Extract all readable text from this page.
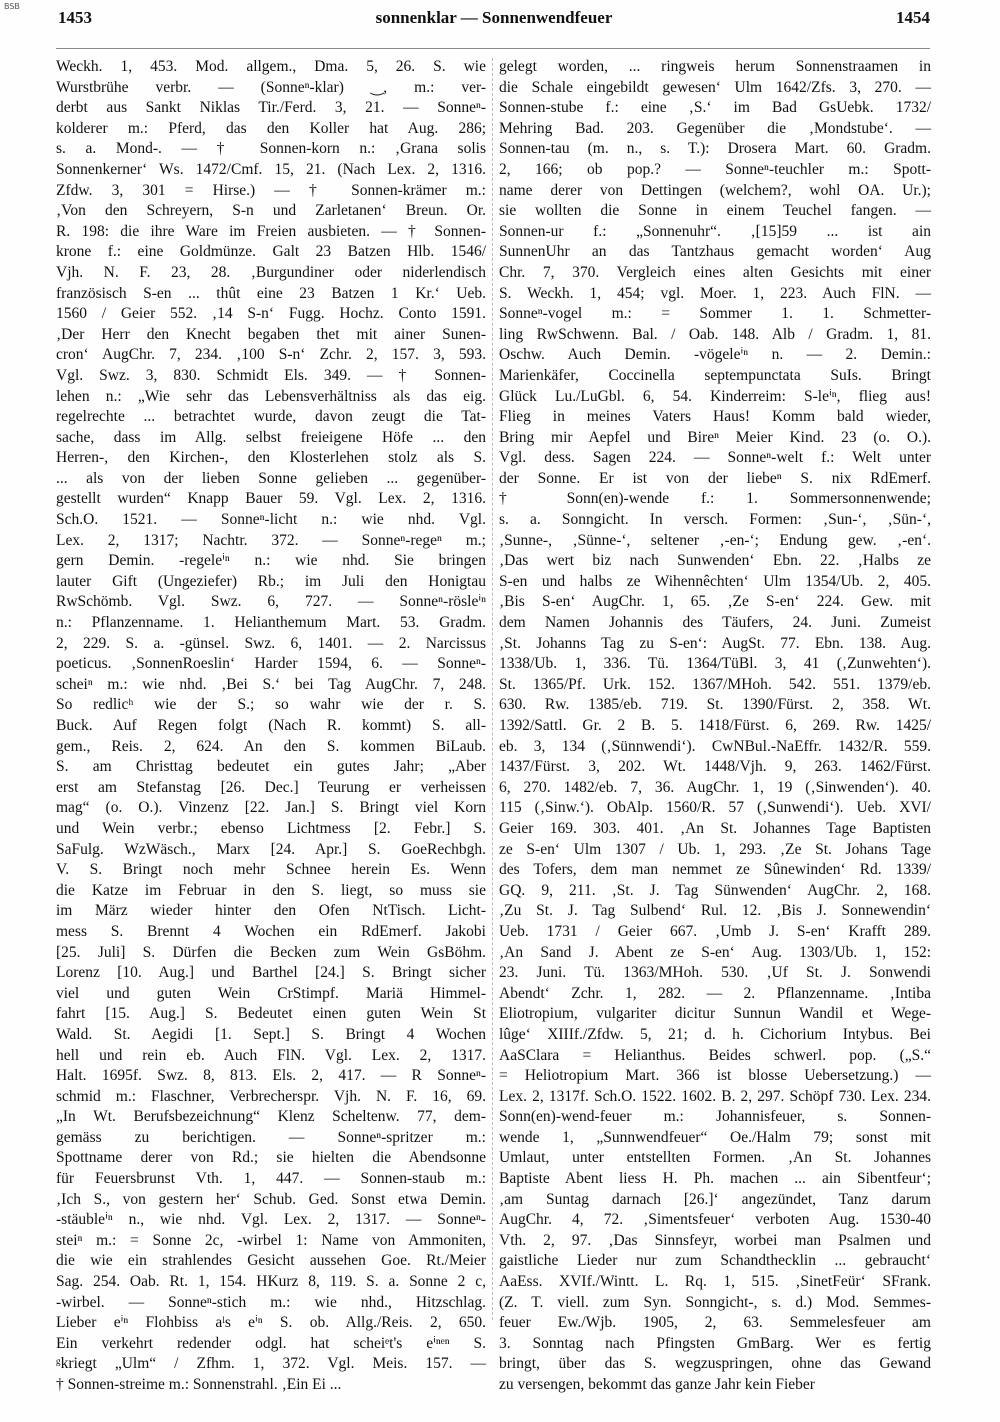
BSB
1453	sonnenklar — Sonnenwendfeuer	1454
Weckh. 1, 453. Mod. allgem., Dma. 5, 26. S. wie
Wurstbrühe verbr. — (Sonneⁿ-klar) ‿, m.: ver-
derbt aus Sankt Niklas Tir./Ferd. 3, 21. — Sonneⁿ-
kolderer m.: Pferd, das den Koller hat Aug. 286;
s. a. Mond-. — † Sonnen-korn n.: ‚Grana solis
Sonnenkerner‘ Ws. 1472/Cmf. 15, 21. (Nach Lex. 2, 1316.
Zfdw. 3, 301 = Hirse.) — † Sonnen-krämer m.:
‚Von den Schreyern, S-n und Zarletanen‘ Breun. Or.
R. 198: die ihre Ware im Freien ausbieten. — † Sonnen-
krone f.: eine Goldmünze. Galt 23 Batzen Hlb. 1546/
Vjh. N. F. 23, 28. ‚Burgundiner oder niderlendisch
französisch S-en ... thût eine 23 Batzen 1 Kr.‘ Ueb.
1560 / Geier 552. ‚14 S-n‘ Fugg. Hochz. Conto 1591.
‚Der Herr den Knecht begaben thet mit ainer Sunen-
cron‘ AugChr. 7, 234. ‚100 S-n‘ Zchr. 2, 157. 3, 593.
Vgl. Swz. 3, 830. Schmidt Els. 349. — † Sonnen-
lehen n.: „Wie sehr das Lebensverhältniss als das eig.
regelrechte ... betrachtet wurde, davon zeugt die Tat-
sache, dass im Allg. selbst freieigene Höfe ... den
Herren-, den Kirchen-, den Klosterlehen stolz als S.
... als von der lieben Sonne gelieben ... gegenüber-
gestellt wurden“ Knapp Bauer 59. Vgl. Lex. 2, 1316.
Sch.O. 1521. — Sonneⁿ-licht n.: wie nhd. Vgl.
Lex. 2, 1317; Nachtr. 372. — Sonneⁿ-regeⁿ m.;
gern Demin. -regeleⁱⁿ n.: wie nhd. Sie bringen
lauter Gift (Ungeziefer) Rb.; im Juli den Honigtau
RwSchömb. Vgl. Swz. 6, 727. — Sonneⁿ-rösleⁱⁿ
n.: Pflanzenname. 1. Helianthemum Mart. 53. Gradm.
2, 229. S. a. -günsel. Swz. 6, 1401. — 2. Narcissus
poeticus. ‚SonnenRoeslin‘ Harder 1594, 6. — Sonneⁿ-
scheiⁿ m.: wie nhd. ‚Bei S.‘ bei Tag AugChr. 7, 248.
So redlicʰ wie der S.; so wahr wie der r. S.
Buck. Auf Regen folgt (Nach R. kommt) S. all-
gem., Reis. 2, 624. An den S. kommen BiLaub.
S. am Christtag bedeutet ein gutes Jahr; „Aber
erst am Stefanstag [26. Dec.] Teurung er verheissen
mag“ (o. O.). Vinzenz [22. Jan.] S. Bringt viel Korn
und Wein verbr.; ebenso Lichtmess [2. Febr.] S.
SaFulg. WzWäsch., Marx [24. Apr.] S. GoeRechbgh.
V. S. Bringt noch mehr Schnee herein Es. Wenn
die Katze im Februar in den S. liegt, so muss sie
im März wieder hinter den Ofen NtTisch. Licht-
mess S. Brennt 4 Wochen ein RdEmerf. Jakobi
[25. Juli] S. Dürfen die Becken zum Wein GsBöhm.
Lorenz [10. Aug.] und Barthel [24.] S. Bringt sicher
viel und guten Wein CrStimpf. Mariä Himmel-
fahrt [15. Aug.] S. Bedeutet einen guten Wein St
Wald. St. Aegidi [1. Sept.] S. Bringt 4 Wochen
hell und rein eb. Auch FlN. Vgl. Lex. 2, 1317.
Halt. 1695f. Swz. 8, 813. Els. 2, 417. — R Sonneⁿ-
schmid m.: Flaschner, Verbrecherspr. Vjh. N. F. 16, 69.
„In Wt. Berufsbezeichnung“ Klenz Scheltenw. 77, dem-
gemäss zu berichtigen. — Sonneⁿ-spritzer m.:
Spottname derer von Rd.; sie hielten die Abendsonne
für Feuersbrunst Vth. 1, 447. — Sonnen-staub m.:
‚Ich S., von gestern her‘ Schub. Ged. Sonst etwa Demin.
-stäubleⁱⁿ n., wie nhd. Vgl. Lex. 2, 1317. — Sonneⁿ-
steiⁿ m.: = Sonne 2c, -wirbel 1: Name von Ammoniten,
die wie ein strahlendes Gesicht aussehen Goe. Rt./Meier
Sag. 254. Oab. Rt. 1, 154. HKurz 8, 119. S. a. Sonne 2 c,
-wirbel. — Sonneⁿ-stich m.: wie nhd., Hitzschlag.
Lieber eⁱⁿ Flohbiss aˡs eⁱⁿ S. ob. Allg./Reis. 2, 650.
Ein verkehrt redender odgl. hat scheiᵉt's eⁱⁿᵉⁿ S.
ᵍkriegt „Ulm“ / Zfhm. 1, 372. Vgl. Meis. 157. —
† Sonnen-streime m.: Sonnenstrahl. ‚Ein Ei ...
gelegt worden, ... ringweis herum Sonnenstraamen in
die Schale eingebildt gewesen‘ Ulm 1642/Zfs. 3, 270. —
Sonnen-stube f.: eine ‚S.‘ im Bad GsUebk. 1732/
Mehring Bad. 203. Gegenüber die ‚Mondstube‘. —
Sonnen-tau (m. n., s. T.): Drosera Mart. 60. Gradm.
2, 166; ob pop.? — Sonneⁿ-teuchler m.: Spott-
name derer von Dettingen (welchem?, wohl OA. Ur.);
sie wollten die Sonne in einem Teuchel fangen. —
Sonnen-ur f.: „Sonnenuhr“. ‚[15]59 ... ist ain
SunnenUhr an das Tantzhaus gemacht worden‘ Aug
Chr. 7, 370. Vergleich eines alten Gesichts mit einer
S. Weckh. 1, 454; vgl. Moer. 1, 223. Auch FlN. —
Sonneⁿ-vogel m.: = Sommer 1. 1. Schmetter-
ling RwSchwenn. Bal. / Oab. 148. Alb / Gradm. 1, 81.
Oschw. Auch Demin. -vögeleⁱⁿ n. — 2. Demin.:
Marienkäfer, Coccinella septempunctata SuIs. Bringt
Glück Lu./LuGbl. 6, 54. Kinderreim: S-leⁱⁿ, flieg aus!
Flieg in meines Vaters Haus! Komm bald wieder,
Bring mir Aepfel und Bireⁿ Meier Kind. 23 (o. O.).
Vgl. dess. Sagen 224. — Sonneⁿ-welt f.: Welt unter
der Sonne. Er ist von der liebeⁿ S. nix RdEmerf.
† Sonn(en)-wende f.: 1. Sommersonnenwende;
s. a. Sonngicht. In versch. Formen: ‚Sun-‘, ‚Sün-‘,
‚Sunne-, ‚Sünne-‘, seltener ‚-en-‘; Endung gew. ‚-en‘.
‚Das wert biz nach Sunwenden‘ Ebn. 22. ‚Halbs ze
S-en und halbs ze Wihennêchten‘ Ulm 1354/Ub. 2, 405.
‚Bis S-en‘ AugChr. 1, 65. ‚Ze S-en‘ 224. Gew. mit
dem Namen Johannis des Täufers, 24. Juni. Zumeist
‚St. Johanns Tag zu S-en‘: AugSt. 77. Ebn. 138. Aug.
1338/Ub. 1, 336. Tü. 1364/TüBl. 3, 41 (‚Zunwehten‘).
St. 1365/Pf. Urk. 152. 1367/MHoh. 542. 551. 1379/eb.
630. Rw. 1385/eb. 719. St. 1390/Fürst. 2, 358. Wt.
1392/Sattl. Gr. 2 B. 5. 1418/Fürst. 6, 269. Rw. 1425/
eb. 3, 134 (‚Sünnwendi‘). CwNBul.-NaEffr. 1432/R. 559.
1437/Fürst. 3, 202. Wt. 1448/Vjh. 9, 263. 1462/Fürst.
6, 270. 1482/eb. 7, 36. AugChr. 1, 19 (‚Sinwenden‘). 40.
115 (‚Sinw.‘). ObAlp. 1560/R. 57 (‚Sunwendi‘). Ueb. XVI/
Geier 169. 303. 401. ‚An St. Johannes Tage Baptisten
ze S-en‘ Ulm 1307 / Ub. 1, 293. ‚Ze St. Johans Tage
des Tofers, dem man nemmet ze Sûnewinden‘ Rd. 1339/
GQ. 9, 211. ‚St. J. Tag Sünwenden‘ AugChr. 2, 168.
‚Zu St. J. Tag Sulbend‘ Rul. 12. ‚Bis J. Sonnewendin‘
Ueb. 1731 / Geier 667. ‚Umb J. S-en‘ Krafft 289.
‚An Sand J. Abent ze S-en‘ Aug. 1303/Ub. 1, 152:
23. Juni. Tü. 1363/MHoh. 530. ‚Uf St. J. Sonwendi
Abendt‘ Zchr. 1, 282. — 2. Pflanzenname. ‚Intiba
Eliotropium, vulgariter dicitur Sunnun Wandil et Wege-
lûge‘ XIIIf./Zfdw. 5, 21; d. h. Cichorium Intybus. Bei
AaSClara = Helianthus. Beides schwerl. pop. („S.“
= Heliotropium Mart. 366 ist blosse Uebersetzung.) —
Lex. 2, 1317f. Sch.O. 1522. 1602. B. 2, 297. Schöpf 730. Lex. 234.
Sonn(en)-wend-feuer m.: Johannisfeuer, s. Sonnen-
wende 1, „Sunnwendfeuer“ Oe./Halm 79; sonst mit
Umlaut, unter entstellten Formen. ‚An St. Johannes
Baptiste Abent liess H. Ph. machen ... ain Sibentfeur‘;
‚am Suntag darnach [26.]‘ angezündet, Tanz darum
AugChr. 4, 72. ‚Simentsfeuer‘ verboten Aug. 1530-40
Vth. 2, 97. ‚Das Sinnsfeyr, worbei man Psalmen und
gaistliche Lieder nur zum Schandthecklin ... gebraucht‘
AaEss. XVIf./Wintt. L. Rq. 1, 515. ‚SinetFeür‘ SFrank.
(Z. T. viell. zum Syn. Sonngicht-, s. d.) Mod. Semmes-
feuer Ew./Wjb. 1905, 2, 63. Semmelesfeuer am
3. Sonntag nach Pfingsten GmBarg. Wer es fertig
bringt, über das S. wegzuspringen, ohne das Gewand
zu versengen, bekommt das ganze Jahr kein Fieber
